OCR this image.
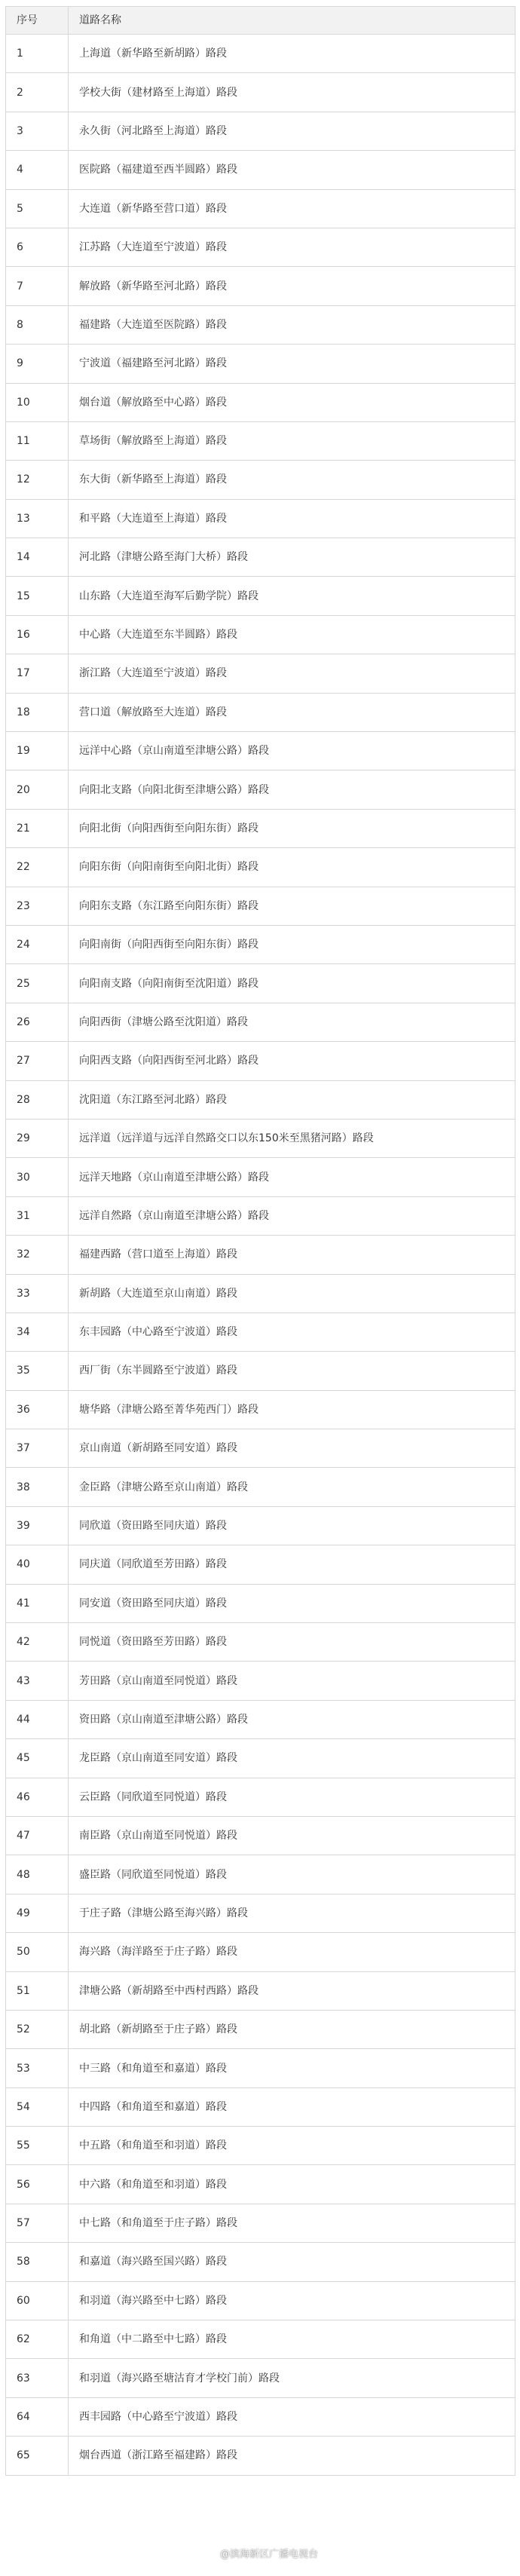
序号	道路名称
1	上海道（新华路至新胡路）路段
2	学校大街（建材路至上海道）路段
3	永久街（河北路至上海道）路段
4	医院路（福建道至西半圆路）路段
5	大连道（新华路至营口道）路段
6	江苏路（大连道至宁波道）路段
7	解放路（新华路至河北路）路段
8	福建路（大连道至医院路）路段
9	宁波道（福建路至河北路）路段
10	烟台道（解放路至中心路）路段
11	草场街（解放路至上海道）路段
12	东大街（新华路至上海道）路段
13	和平路（大连道至上海道）路段
14	河北路（津塘公路至海门大桥）路段
15	山东路（大连道至海军后勤学院）路段
16	中心路（大连道至东半圆路）路段
17	浙江路（大连道至宁波道）路段
18	营口道（解放路至大连道）路段
19	远洋中心路（京山南道至津塘公路）路段
20	向阳北支路（向阳北街至津塘公路）路段
21	向阳北街（向阳西街至向阳东街）路段
22	向阳东街（向阳南街至向阳北街）路段
23	向阳东支路（东江路至向阳东街）路段
24	向阳南街（向阳西街至向阳东街）路段
25	向阳南支路（向阳南街至沈阳道）路段
26	向阳西街（津塘公路至沈阳道）路段
27	向阳西支路（向阳西街至河北路）路段
28	沈阳道（东江路至河北路）路段
29	远洋道（远洋道与远洋自然路交口以东150米至黑猪河路）路段
30	远洋天地路（京山南道至津塘公路）路段
31	远洋自然路（京山南道至津塘公路）路段
32	福建西路（营口道至上海道）路段
33	新胡路（大连道至京山南道）路段
34	东丰园路（中心路至宁波道）路段
35	西厂街（东半圆路至宁波道）路段
36	塘华路（津塘公路至菁华苑西门）路段
37	京山南道（新胡路至同安道）路段
38	金臣路（津塘公路至京山南道）路段
39	同欣道（资田路至同庆道）路段
40	同庆道（同欣道至芳田路）路段
41	同安道（资田路至同庆道）路段
42	同悦道（资田路至芳田路）路段
43	芳田路（京山南道至同悦道）路段
44	资田路（京山南道至津塘公路）路段
45	龙臣路（京山南道至同安道）路段
46	云臣路（同欣道至同悦道）路段
47	南臣路（京山南道至同悦道）路段
48	盛臣路（同欣道至同悦道）路段
49	于庄子路（津塘公路至海兴路）路段
50	海兴路（海洋路至于庄子路）路段
51	津塘公路（新胡路至中西村西路）路段
52	胡北路（新胡路至于庄子路）路段
53	中三路（和角道至和嘉道）路段
54	中四路（和角道至和嘉道）路段
55	中五路（和角道至和羽道）路段
56	中六路（和角道至和羽道）路段
57	中七路（和角道至于庄子路）路段
58	和嘉道（海兴路至国兴路）路段
60	和羽道（海兴路至中七路）路段
62	和角道（中二路至中七路）路段
63	和羽道（海兴路至塘沽育才学校门前）路段
64	西丰园路（中心路至宁波道）路段
65	烟台西道（浙江路至福建路）路段
@滨海新区广播电视台
